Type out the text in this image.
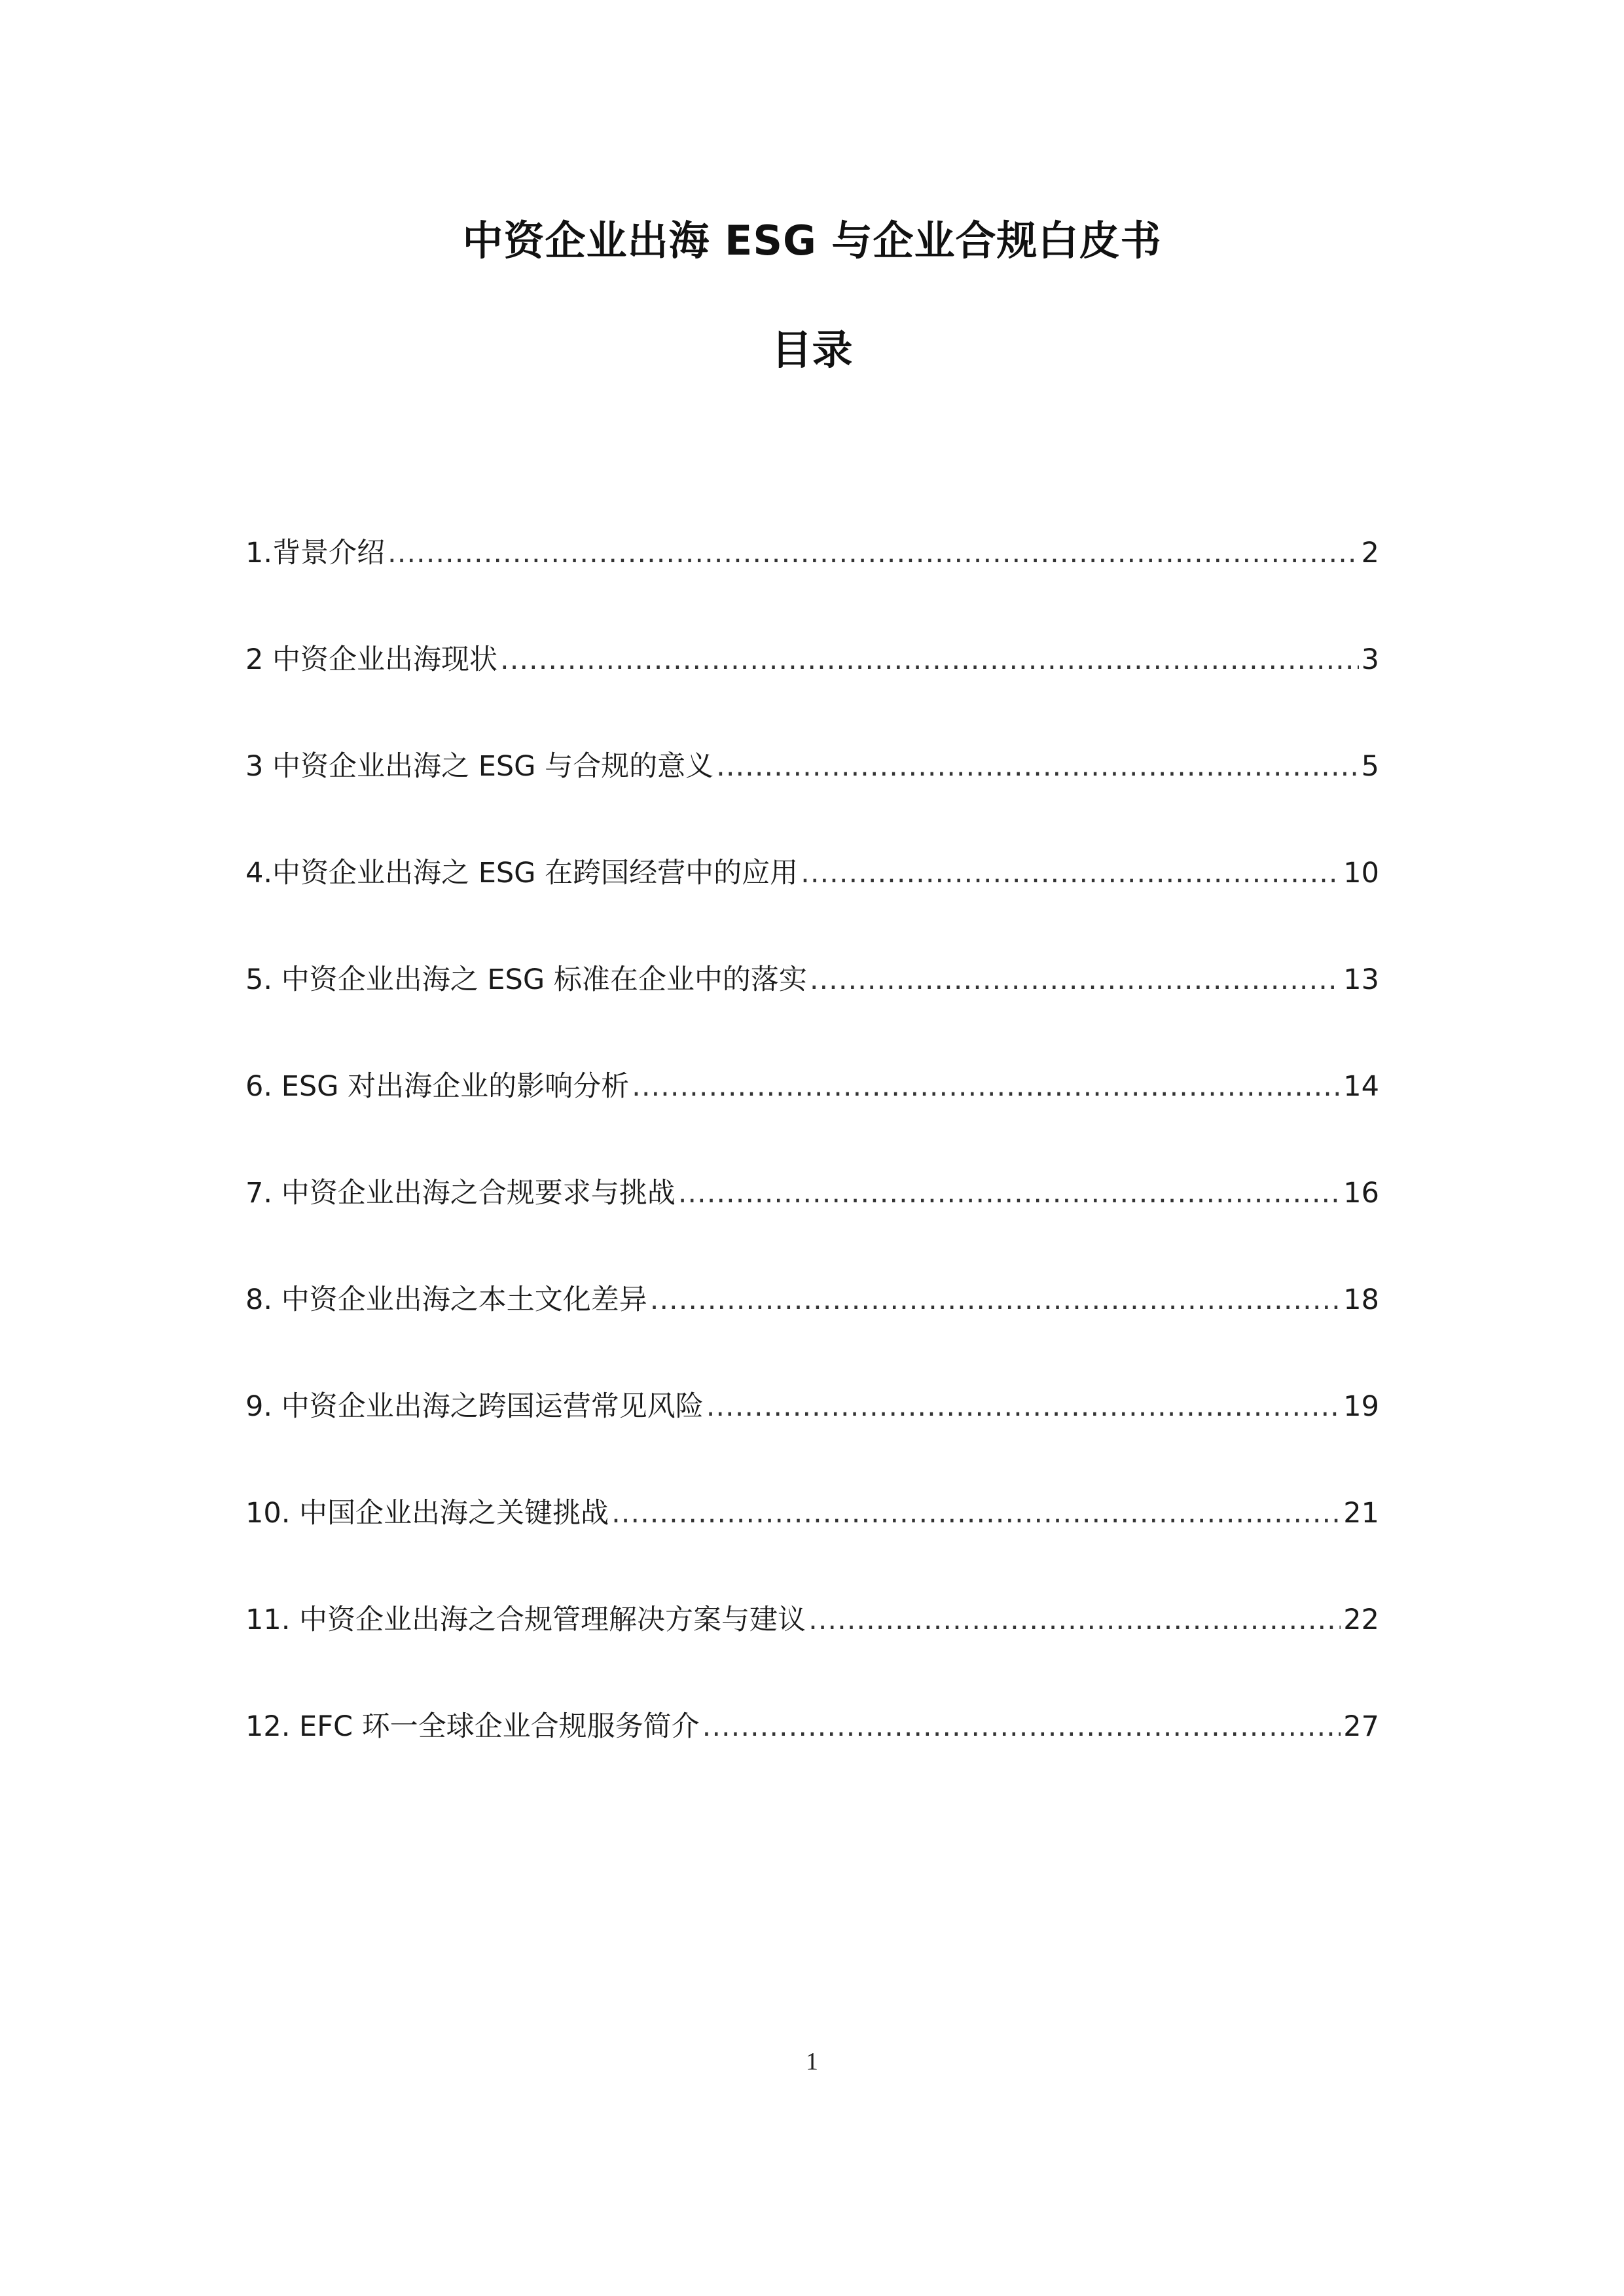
中资企业出海 ESG 与企业合规白皮书
目录
1.背景介绍 .....	2
2 中资企业出海现状 .....	3
3 中资企业出海之 ESG 与合规的意义 .....	5
4.中资企业出海之 ESG 在跨国经营中的应用 .....	10
5. 中资企业出海之 ESG 标准在企业中的落实 .....	13
6. ESG 对出海企业的影响分析 .....	14
7. 中资企业出海之合规要求与挑战 .....	16
8. 中资企业出海之本土文化差异 .....	18
9. 中资企业出海之跨国运营常见风险 .....	19
10. 中国企业出海之关键挑战 .....	21
11. 中资企业出海之合规管理解决方案与建议 .....	22
12. EFC 环一全球企业合规服务简介 .....	27
1
